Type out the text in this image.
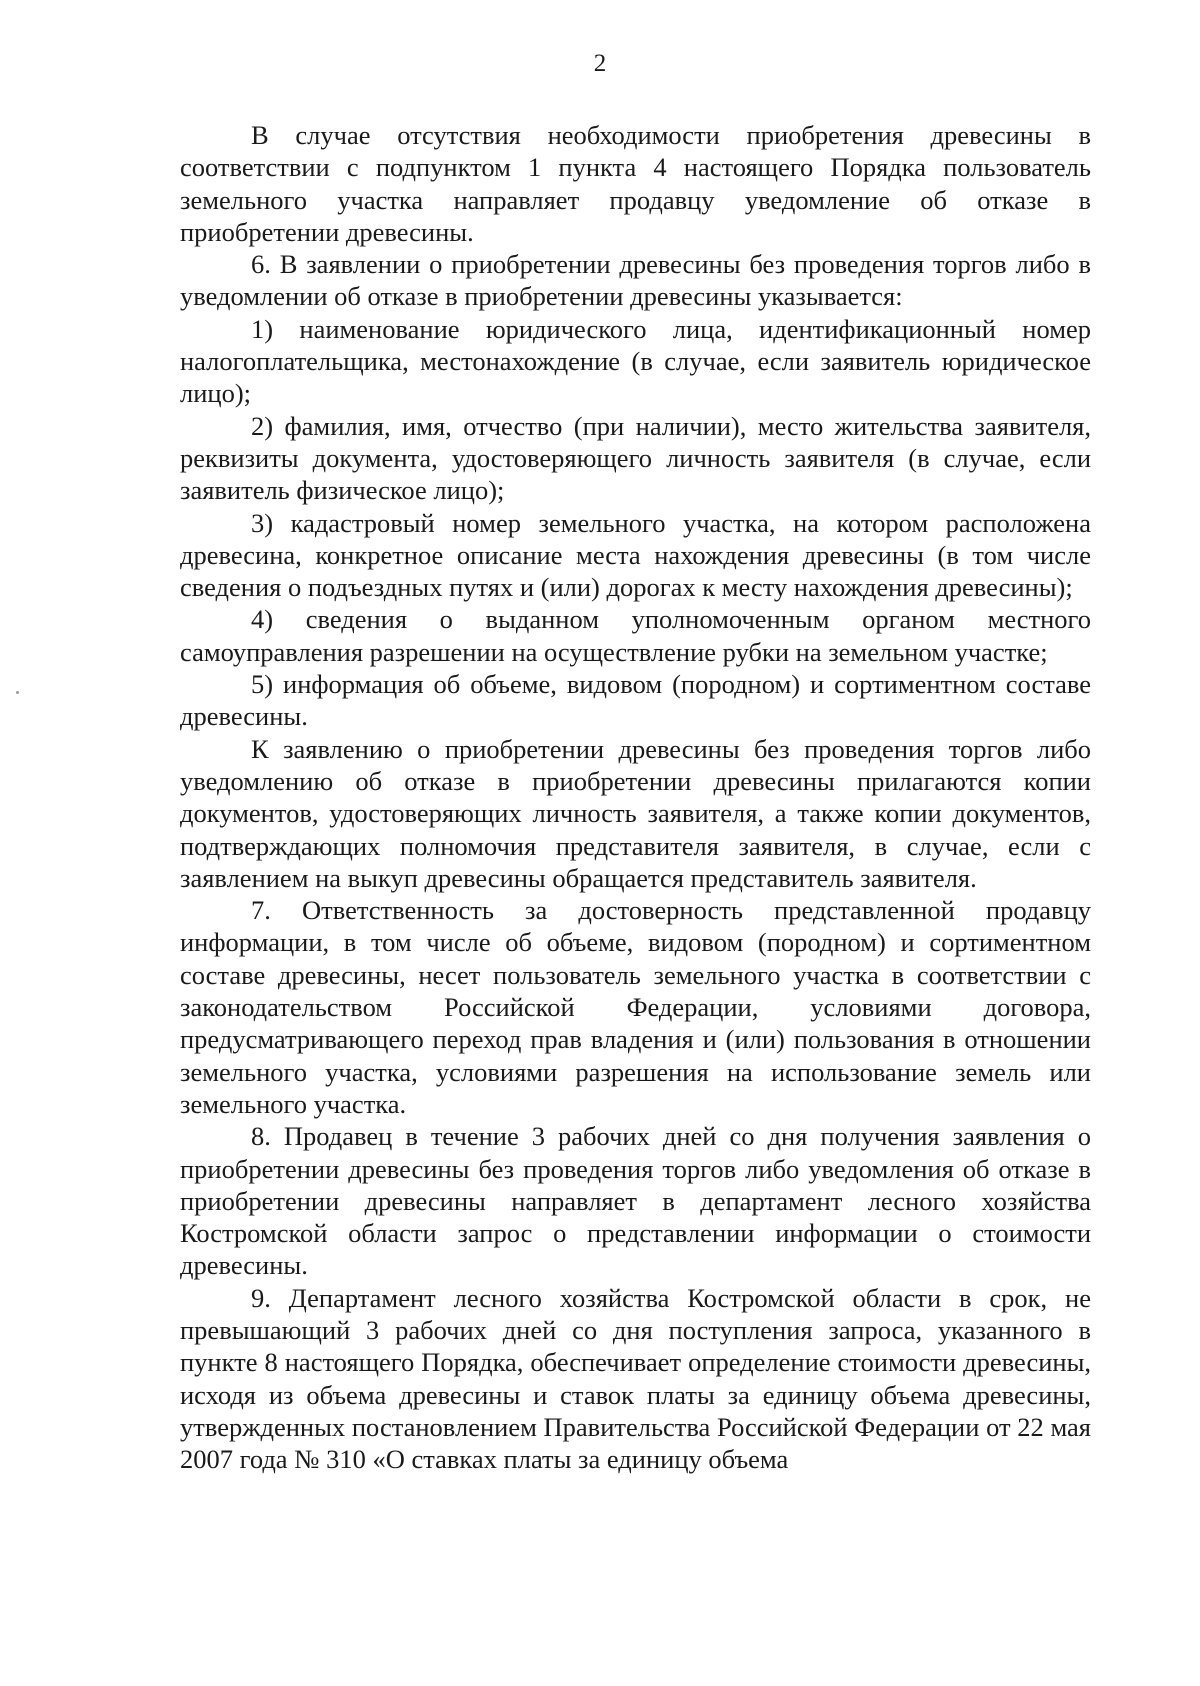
2

В случае отсутствия необходимости приобретения древесины в соответствии с подпунктом 1 пункта 4 настоящего Порядка пользователь земельного участка направляет продавцу уведомление об отказе в приобретении древесины.

6. В заявлении о приобретении древесины без проведения торгов либо в уведомлении об отказе в приобретении древесины указывается:

1) наименование юридического лица, идентификационный номер налогоплательщика, местонахождение (в случае, если заявитель юридическое лицо);

2) фамилия, имя, отчество (при наличии), место жительства заявителя, реквизиты документа, удостоверяющего личность заявителя (в случае, если заявитель физическое лицо);

3) кадастровый номер земельного участка, на котором расположена древесина, конкретное описание места нахождения древесины (в том числе сведения о подъездных путях и (или) дорогах к месту нахождения древесины);

4) сведения о выданном уполномоченным органом местного самоуправления разрешении на осуществление рубки на земельном участке;

5) информация об объеме, видовом (породном) и сортиментном составе древесины.

К заявлению о приобретении древесины без проведения торгов либо уведомлению об отказе в приобретении древесины прилагаются копии документов, удостоверяющих личность заявителя, а также копии документов, подтверждающих полномочия представителя заявителя, в случае, если с заявлением на выкуп древесины обращается представитель заявителя.

7. Ответственность за достоверность представленной продавцу информации, в том числе об объеме, видовом (породном) и сортиментном составе древесины, несет пользователь земельного участка в соответствии с законодательством Российской Федерации, условиями договора, предусматривающего переход прав владения и (или) пользования в отношении земельного участка, условиями разрешения на использование земель или земельного участка.

8. Продавец в течение 3 рабочих дней со дня получения заявления о приобретении древесины без проведения торгов либо уведомления об отказе в приобретении древесины направляет в департамент лесного хозяйства Костромской области запрос о представлении информации о стоимости древесины.

9. Департамент лесного хозяйства Костромской области в срок, не превышающий 3 рабочих дней со дня поступления запроса, указанного в пункте 8 настоящего Порядка, обеспечивает определение стоимости древесины, исходя из объема древесины и ставок платы за единицу объема древесины, утвержденных постановлением Правительства Российской Федерации от 22 мая 2007 года № 310 «О ставках платы за единицу объема
